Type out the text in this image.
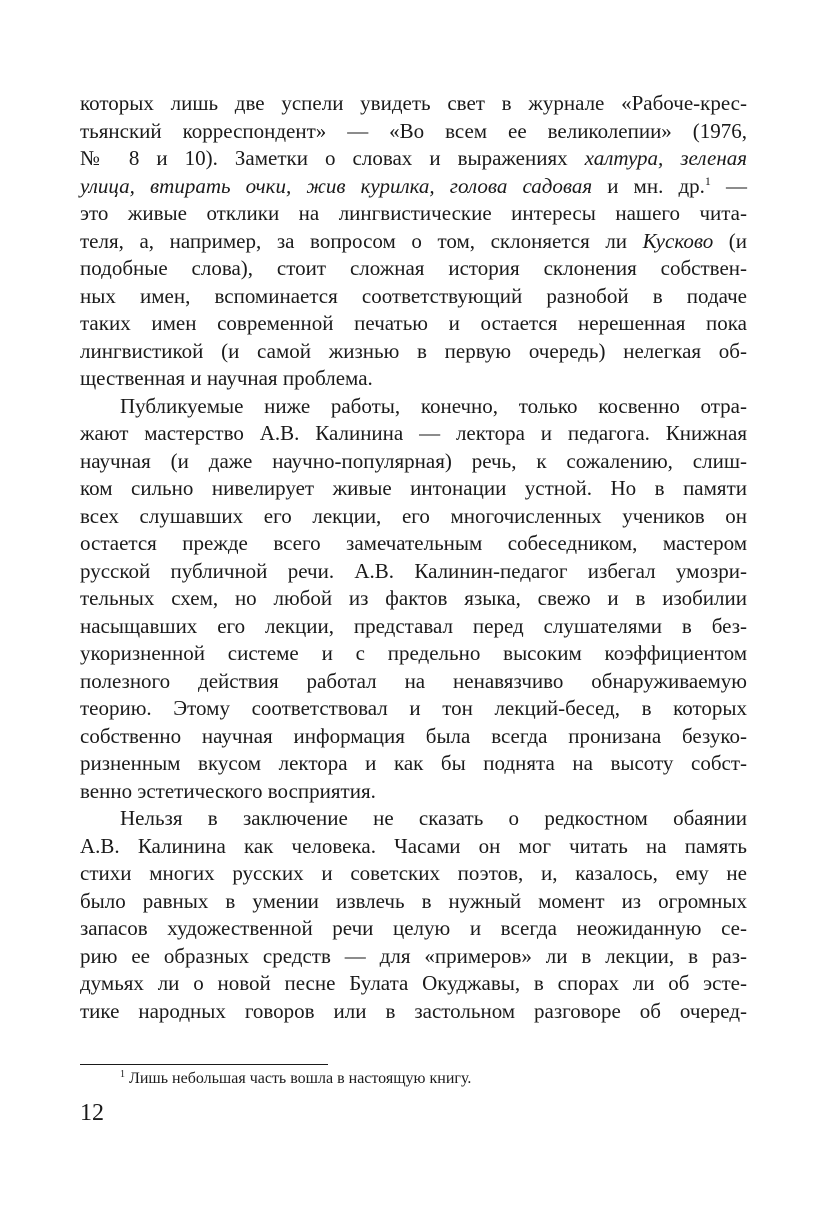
которых лишь две успели увидеть свет в журнале «Рабоче-крес-
тьянский корреспондент» — «Во всем ее великолепии» (1976,
№ 8 и 10). Заметки о словах и выражениях халтура, зеленая
улица, втирать очки, жив курилка, голова садовая и мн. др.$^1$ —
это живые отклики на лингвистические интересы нашего чита-
теля, а, например, за вопросом о том, склоняется ли Кусково (и
подобные слова), стоит сложная история склонения собствен-
ных имен, вспоминается соответствующий разнобой в подаче
таких имен современной печатью и остается нерешенная пока
лингвистикой (и самой жизнью в первую очередь) нелегкая об-
щественная и научная проблема.
Публикуемые ниже работы, конечно, только косвенно отра-
жают мастерство А.В. Калинина — лектора и педагога. Книжная
научная (и даже научно-популярная) речь, к сожалению, слиш-
ком сильно нивелирует живые интонации устной. Но в памяти
всех слушавших его лекции, его многочисленных учеников он
остается прежде всего замечательным собеседником, мастером
русской публичной речи. А.В. Калинин-педагог избегал умозри-
тельных схем, но любой из фактов языка, свежо и в изобилии
насыщавших его лекции, представал перед слушателями в без-
укоризненной системе и с предельно высоким коэффициентом
полезного действия работал на ненавязчиво обнаруживаемую
теорию. Этому соответствовал и тон лекций-бесед, в которых
собственно научная информация была всегда пронизана безуко-
ризненным вкусом лектора и как бы поднята на высоту собст-
венно эстетического восприятия.
Нельзя в заключение не сказать о редкостном обаянии
А.В. Калинина как человека. Часами он мог читать на память
стихи многих русских и советских поэтов, и, казалось, ему не
было равных в умении извлечь в нужный момент из огромных
запасов художественной речи целую и всегда неожиданную се-
рию ее образных средств — для «примеров» ли в лекции, в раз-
думьях ли о новой песне Булата Окуджавы, в спорах ли об эсте-
тике народных говоров или в застольном разговоре об очеред-
$^1$ Лишь небольшая часть вошла в настоящую книгу.
12
